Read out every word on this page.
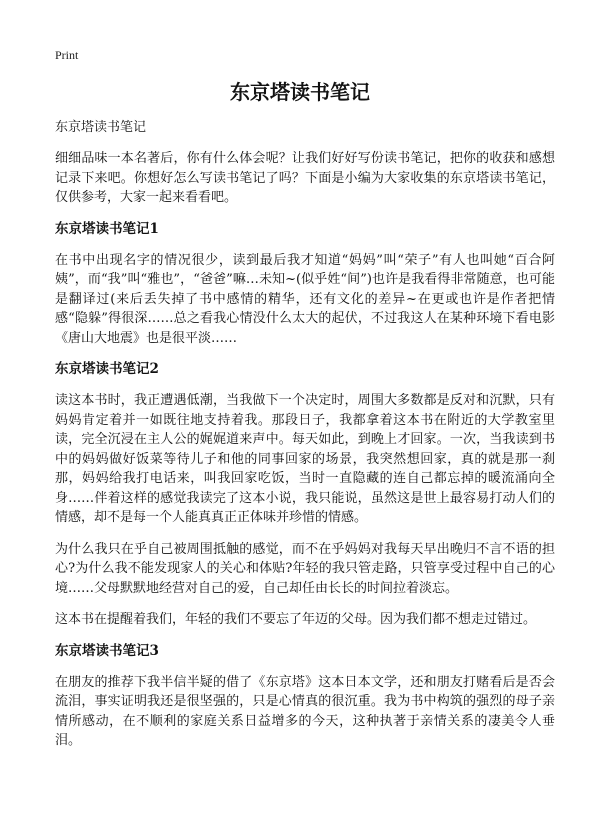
Print
东京塔读书笔记

东京塔读书笔记

细细品味一本名著后，你有什么体会呢？让我们好好写份读书笔记，把你的收获和感想记录下来吧。你想好怎么写读书笔记了吗？下面是小编为大家收集的东京塔读书笔记，仅供参考，大家一起来看看吧。

东京塔读书笔记1

在书中出现名字的情况很少，读到最后我才知道“妈妈”叫“荣子”有人也叫她“百合阿姨”，而“我”叫“雅也”，“爸爸”嘛…未知~(似乎姓“间”)也许是我看得非常随意，也可能是翻译过(来后丢失掉了书中感情的精华，还有文化的差异~在更或也许是作者把情感“隐躲”得很深……总之看我心情没什么太大的起伏，不过我这人在某种环境下看电影《唐山大地震》也是很平淡……

东京塔读书笔记2

读这本书时，我正遭遇低潮，当我做下一个决定时，周围大多数都是反对和沉默，只有妈妈肯定着并一如既往地支持着我。那段日子，我都拿着这本书在附近的大学教室里读，完全沉浸在主人公的娓娓道来声中。每天如此，到晚上才回家。一次，当我读到书中的妈妈做好饭菜等待儿子和他的同事回家的场景，我突然想回家，真的就是那一刹那，妈妈给我打电话来，叫我回家吃饭，当时一直隐藏的连自己都忘掉的暖流涌向全身……伴着这样的感觉我读完了这本小说，我只能说，虽然这是世上最容易打动人们的情感，却不是每一个人能真真正正体味并珍惜的情感。

为什么我只在乎自己被周围抵触的感觉，而不在乎妈妈对我每天早出晚归不言不语的担心?为什么我不能发现家人的关心和体贴?年轻的我只管走路，只管享受过程中自己的心境……父母默默地经营对自己的爱，自己却任由长长的时间拉着淡忘。

这本书在提醒着我们，年轻的我们不要忘了年迈的父母。因为我们都不想走过错过。

东京塔读书笔记3

在朋友的推荐下我半信半疑的借了《东京塔》这本日本文学，还和朋友打赌看后是否会流泪，事实证明我还是很坚强的，只是心情真的很沉重。我为书中构筑的强烈的母子亲情所感动，在不顺利的家庭关系日益增多的今天，这种执著于亲情关系的凄美令人垂泪。
